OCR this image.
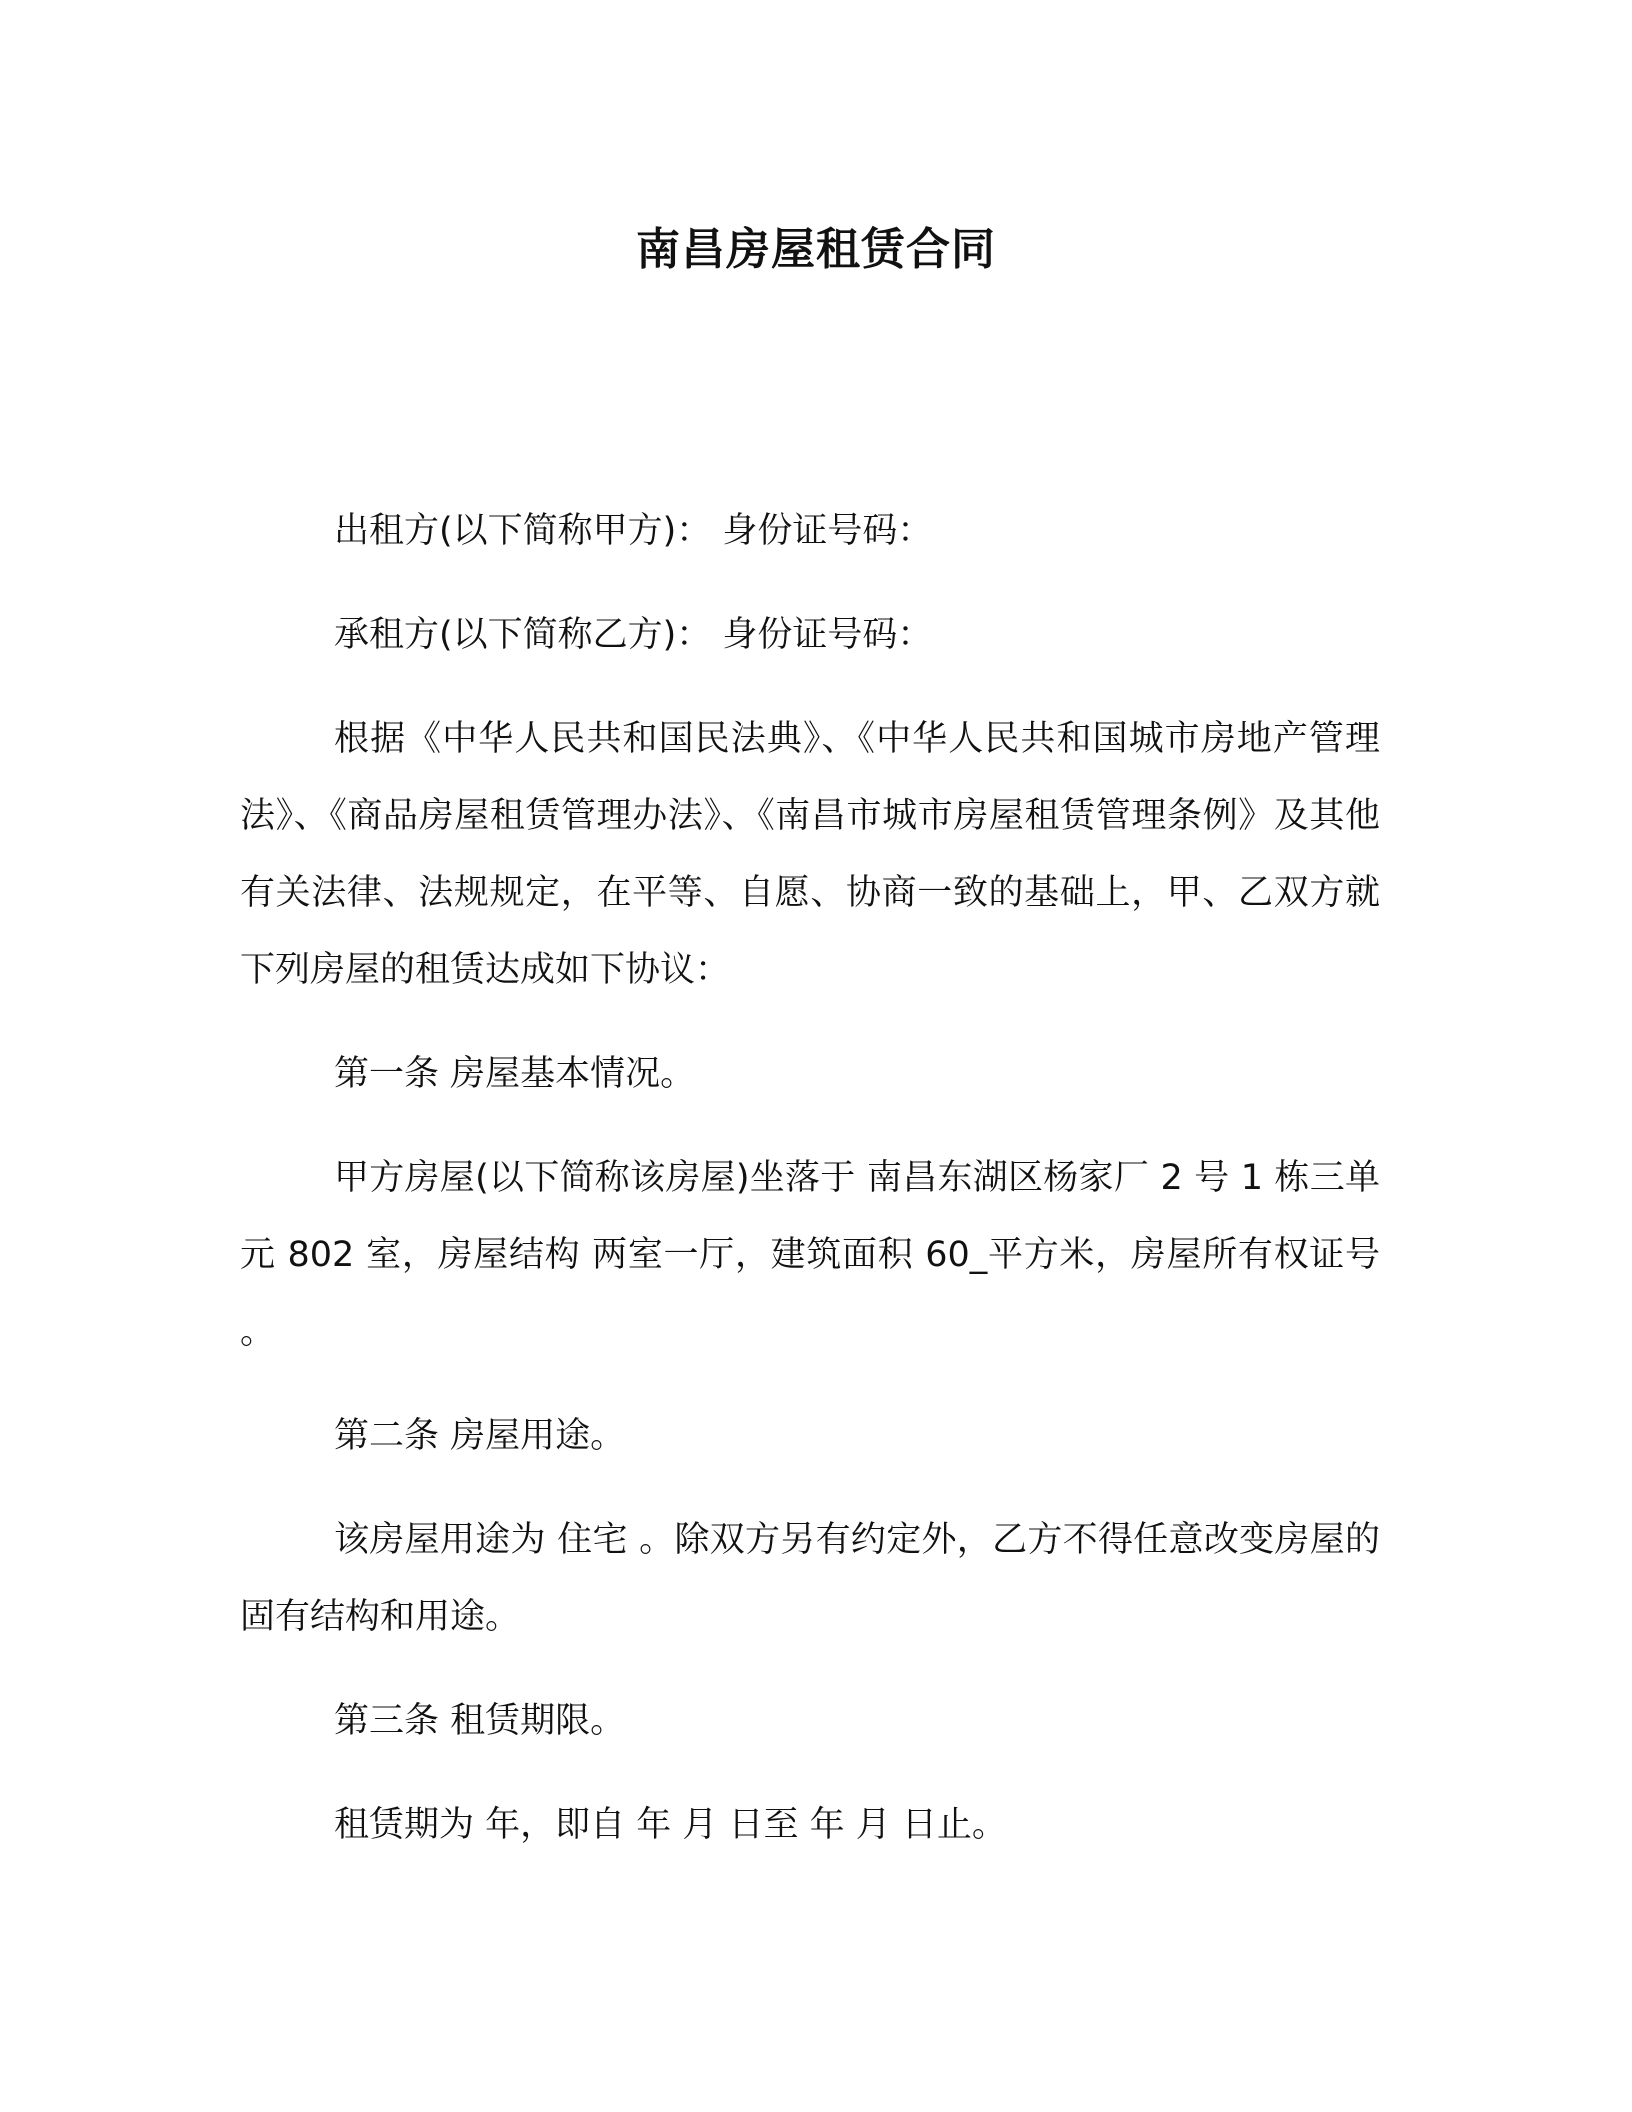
南昌房屋租赁合同

出租方(以下简称甲方)： 身份证号码：

承租方(以下简称乙方)： 身份证号码：

根据《中华人民共和国民法典》、《中华人民共和国城市房地产管理法》、《商品房屋租赁管理办法》、《南昌市城市房屋租赁管理条例》及其他有关法律、法规规定，在平等、自愿、协商一致的基础上，甲、乙双方就下列房屋的租赁达成如下协议：

第一条 房屋基本情况。

甲方房屋(以下简称该房屋)坐落于 南昌东湖区杨家厂 2 号 1 栋三单元 802 室，房屋结构 两室一厅，建筑面积 60_平方米，房屋所有权证号 。

第二条 房屋用途。

该房屋用途为 住宅 。除双方另有约定外，乙方不得任意改变房屋的固有结构和用途。

第三条 租赁期限。

租赁期为 年，即自 年 月 日至 年 月 日止。
